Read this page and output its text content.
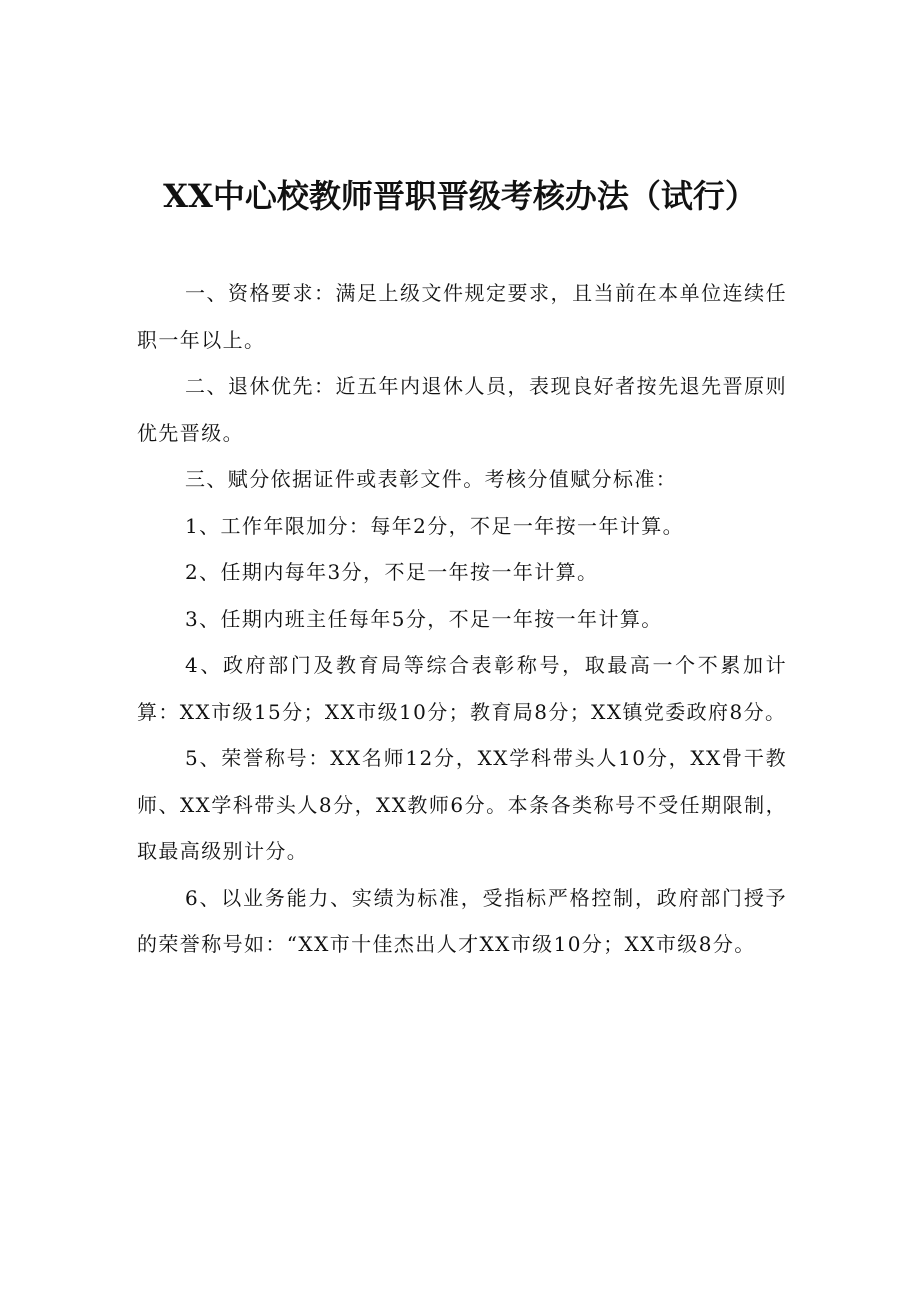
XX中心校教师晋职晋级考核办法（试行）

一、资格要求：满足上级文件规定要求，且当前在本单位连续任职一年以上。

二、退休优先：近五年内退休人员，表现良好者按先退先晋原则优先晋级。

三、赋分依据证件或表彰文件。考核分值赋分标准：

1、工作年限加分：每年2分，不足一年按一年计算。

2、任期内每年3分，不足一年按一年计算。

3、任期内班主任每年5分，不足一年按一年计算。

4、政府部门及教育局等综合表彰称号，取最高一个不累加计算：XX市级15分；XX市级10分；教育局8分；XX镇党委政府8分。

5、荣誉称号：XX名师12分，XX学科带头人10分，XX骨干教师、XX学科带头人8分，XX教师6分。本条各类称号不受任期限制，取最高级别计分。

6、以业务能力、实绩为标准，受指标严格控制，政府部门授予的荣誉称号如：“XX市十佳杰出人才XX市级10分；XX市级8分。
